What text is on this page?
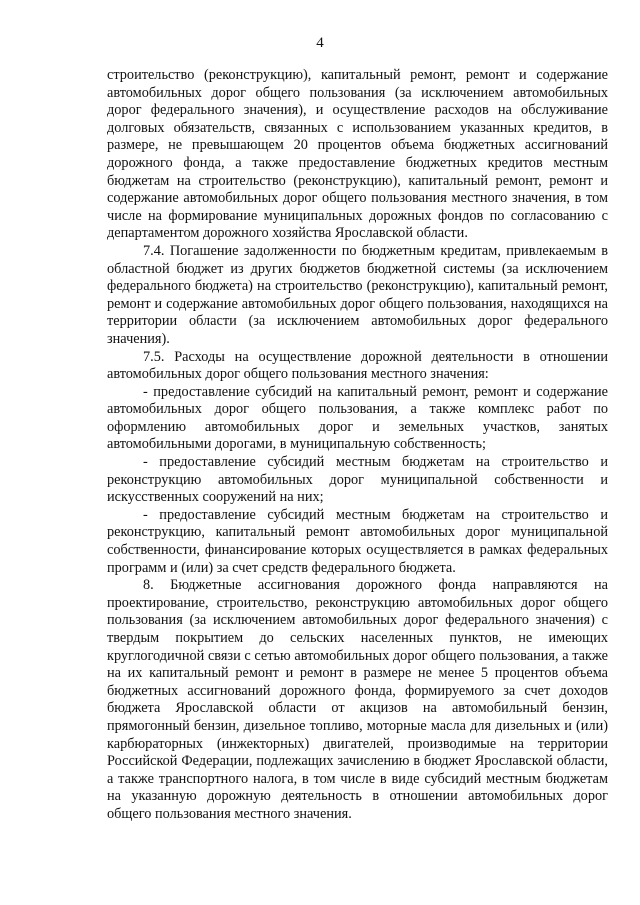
4

строительство (реконструкцию), капитальный ремонт, ремонт и содержание автомобильных дорог общего пользования (за исключением автомобильных дорог федерального значения), и осуществление расходов на обслуживание долговых обязательств, связанных с использованием указанных кредитов, в размере, не превышающем 20 процентов объема бюджетных ассигнований дорожного фонда, а также предоставление бюджетных кредитов местным бюджетам на строительство (реконструкцию), капитальный ремонт, ремонт и содержание автомобильных дорог общего пользования местного значения, в том числе на формирование муниципальных дорожных фондов по согласованию с департаментом дорожного хозяйства Ярославской области.

7.4. Погашение задолженности по бюджетным кредитам, привлекаемым в областной бюджет из других бюджетов бюджетной системы (за исключением федерального бюджета) на строительство (реконструкцию), капитальный ремонт, ремонт и содержание автомобильных дорог общего пользования, находящихся на территории области (за исключением автомобильных дорог федерального значения).

7.5. Расходы на осуществление дорожной деятельности в отношении автомобильных дорог общего пользования местного значения:

- предоставление субсидий на капитальный ремонт, ремонт и содержание автомобильных дорог общего пользования, а также комплекс работ по оформлению автомобильных дорог и земельных участков, занятых автомобильными дорогами, в муниципальную собственность;

- предоставление субсидий местным бюджетам на строительство и реконструкцию автомобильных дорог муниципальной собственности и искусственных сооружений на них;

- предоставление субсидий местным бюджетам на строительство и реконструкцию, капитальный ремонт автомобильных дорог муниципальной собственности, финансирование которых осуществляется в рамках федеральных программ и (или) за счет средств федерального бюджета.

8. Бюджетные ассигнования дорожного фонда направляются на проектирование, строительство, реконструкцию автомобильных дорог общего пользования (за исключением автомобильных дорог федерального значения) с твердым покрытием до сельских населенных пунктов, не имеющих круглогодичной связи с сетью автомобильных дорог общего пользования, а также на их капитальный ремонт и ремонт в размере не менее 5 процентов объема бюджетных ассигнований дорожного фонда, формируемого за счет доходов бюджета Ярославской области от акцизов на автомобильный бензин, прямогонный бензин, дизельное топливо, моторные масла для дизельных и (или) карбюраторных (инжекторных) двигателей, производимые на территории Российской Федерации, подлежащих зачислению в бюджет Ярославской области, а также транспортного налога, в том числе в виде субсидий местным бюджетам на указанную дорожную деятельность в отношении автомобильных дорог общего пользования местного значения.
